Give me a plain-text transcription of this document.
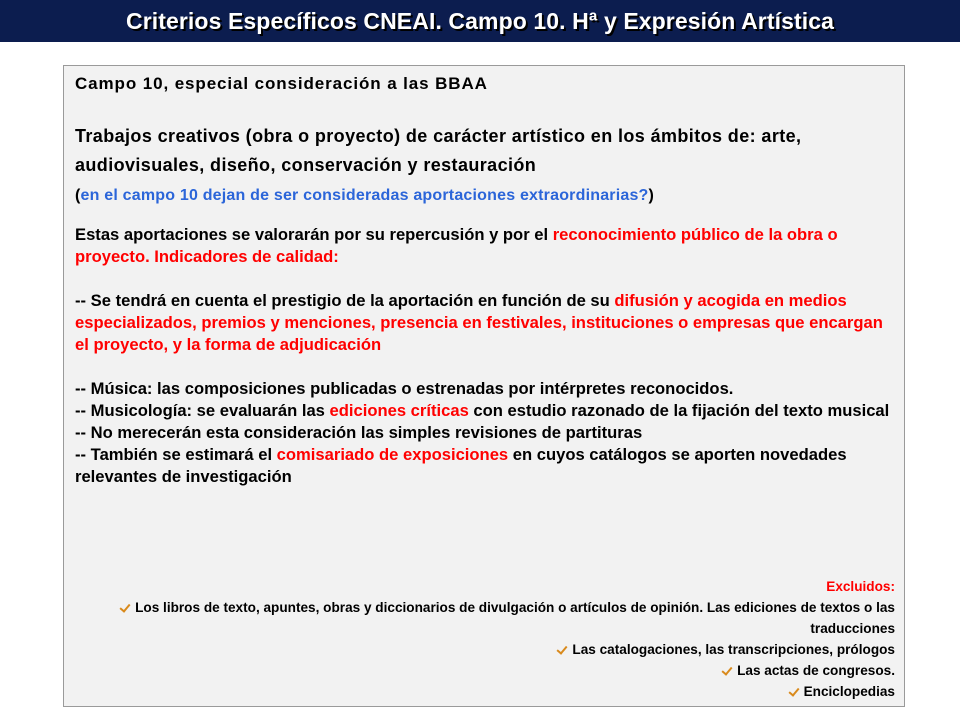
Criterios Específicos CNEAI. Campo 10. Hª y Expresión Artística
Campo 10, especial consideración a las BBAA
Trabajos creativos (obra o proyecto) de carácter artístico en los ámbitos de: arte, audiovisuales, diseño, conservación y restauración
(en el campo 10 dejan de ser consideradas aportaciones extraordinarias?)
Estas aportaciones se valorarán por su repercusión y por el reconocimiento público de la obra o proyecto. Indicadores de calidad:
-- Se tendrá en cuenta el prestigio de la aportación en función de su difusión y acogida en medios especializados, premios y menciones, presencia en festivales, instituciones o empresas que encargan el proyecto, y la forma de adjudicación
-- Música: las composiciones publicadas o estrenadas por intérpretes reconocidos.
-- Musicología: se evaluarán las ediciones críticas con estudio razonado de la fijación del texto musical
-- No merecerán esta consideración las simples revisiones de partituras
-- También se estimará el comisariado de exposiciones en cuyos catálogos se aporten novedades relevantes de investigación
Excluidos:
Los libros de texto, apuntes, obras y diccionarios de divulgación o artículos de opinión. Las ediciones de textos o las traducciones
Las catalogaciones, las transcripciones, prólogos
Las actas de congresos.
Enciclopedias
